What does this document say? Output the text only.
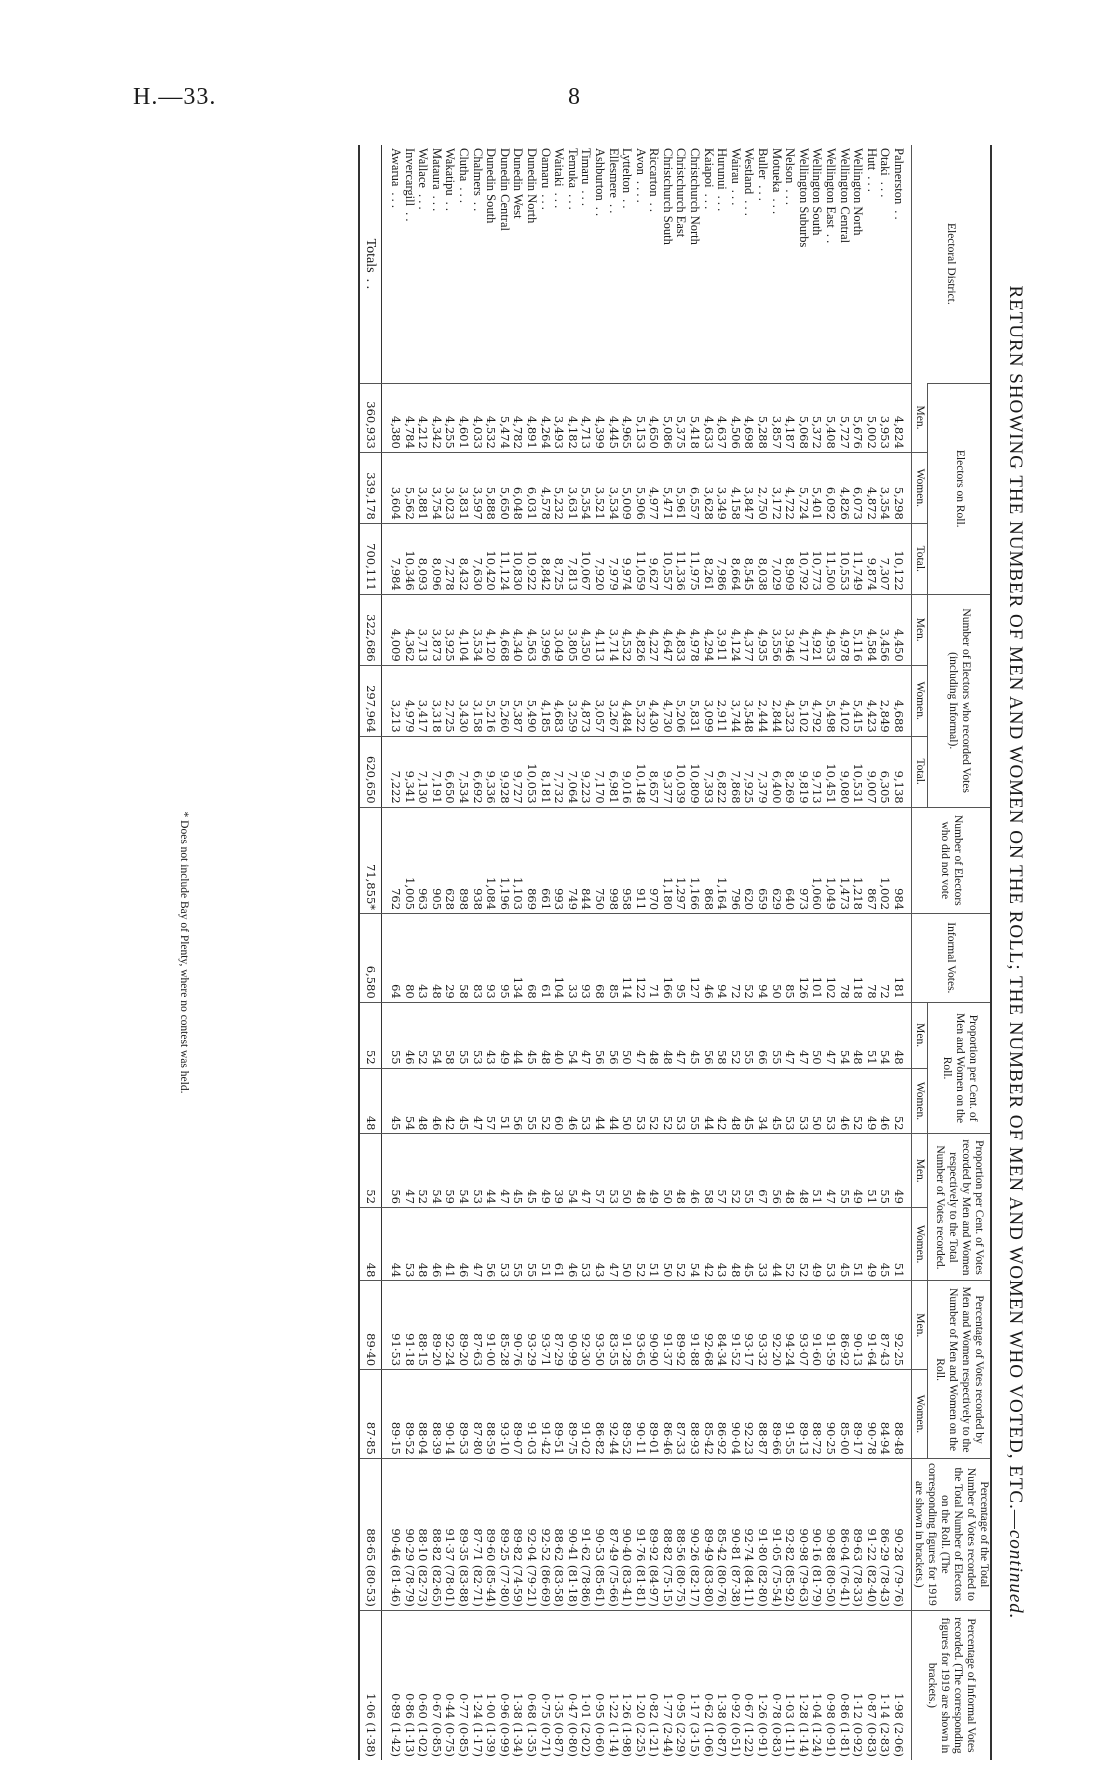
H.—33.	8
RETURN SHOWING THE NUMBER OF MEN AND WOMEN ON THE ROLL; THE NUMBER OF MEN AND WOMEN WHO VOTED, ETC.—continued.
Electoral District.	Electors on Roll.			Number of Electors who recorded Votes (including Informal).			Number of Electors who did not vote	Informal Votes.	Proportion per Cent. of Men and Women on the Roll.		Proportion per Cent. of Votes recorded by Men and Women respectively to the Total Number of Votes recorded.		Percentage of Votes recorded by Men and Women respectively to the Number of Men and Women on the Roll.		Percentage of the Total Number of Votes recorded to the Total Number of Electors on the Roll. (The corresponding figures for 1919 are shown in brackets.)	Percentage of Informal Votes recorded. (The corresponding figures for 1919 are shown in brackets.)
	Men.	Women.	Total.	Men.	Women.	Total.			Men.	Women.	Men.	Women.	Men.	Women.		
Palmerston. .	4,824	5,298	10,122	4,450	4,688	9,138	984	181	48	52	49	51	92·25	88·48	90·28 (79·76)	1·98 (2·06)
Otaki. . .	3,953	3,354	7,307	3,456	2,849	6,305	1,002	72	54	46	55	45	87·43	84·94	86·29 (78·43)	1·14 (2·83)
Hutt. . .	5,002	4,872	9,874	4,584	4,423	9,007	867	78	51	49	51	49	91·64	90·78	91·22 (82·40)	0·87 (0·83)
Wellington North	5,676	6,073	11,749	5,116	5,415	10,531	1,218	118	48	52	49	51	90·13	89·17	89·63 (78·33)	1·12 (0·92)
Wellington Central	5,727	4,826	10,553	4,978	4,102	9,080	1,473	78	54	46	55	45	86·92	85·00	86·04 (76·41)	0·86 (1·81)
Wellington East. .	5,408	6,092	11,500	4,953	5,498	10,451	1,049	102	47	53	47	53	91·59	90·25	90·88 (80·50)	0·98 (0·91)
Wellington South	5,372	5,401	10,773	4,921	4,792	9,713	1,060	101	50	50	51	49	91·60	88·72	90·16 (81·79)	1·04 (1·24)
Wellington Suburbs	5,068	5,724	10,792	4,717	5,102	9,819	973	126	47	53	48	52	93·07	89·13	90·98 (79·63)	1·28 (1·14)
Nelson. . .	4,187	4,722	8,909	3,946	4,323	8,269	640	85	47	53	48	52	94·24	91·55	92·82 (85·92)	1·03 (1·11)
Motueka. . .	3,857	3,172	7,029	3,556	2,844	6,400	629	50	55	45	56	44	92·20	89·66	91·05 (75·54)	0·78 (0·83)
Buller. . .	5,288	2,750	8,038	4,935	2,444	7,379	659	94	66	34	67	33	93·32	88·87	91·80 (82·80)	1·26 (0·91)
Westland. . .	4,698	3,847	8,545	4,377	3,548	7,925	620	52	55	45	55	45	93·17	92·23	92·74 (84·11)	0·67 (1·22)
Wairau. . .	4,506	4,158	8,664	4,124	3,744	7,868	796	72	52	48	52	48	91·52	90·04	90·81 (87·38)	0·92 (0·51)
Hurunui. . .	4,637	3,349	7,986	3,911	2,911	6,822	1,164	94	58	42	57	43	84·34	86·92	85·42 (80·76)	1·38 (0·87)
Kaiapoi. . .	4,633	3,628	8,261	4,294	3,099	7,393	868	46	56	44	58	42	92·68	85·42	89·49 (83·80)	0·62 (1·06)
Christchurch North	5,418	6,557	11,975	4,978	5,831	10,809	1,166	127	45	55	46	54	91·88	88·93	90·26 (82·17)	1·17 (3·15)
Christchurch East	5,375	5,961	11,336	4,833	5,206	10,039	1,297	95	47	53	48	52	89·92	87·33	88·56 (80·75)	0·95 (2·29)
Christchurch South	5,086	5,471	10,557	4,647	4,730	9,377	1,180	166	48	52	50	50	91·37	86·46	88·82 (75·15)	1·77 (2·44)
Riccarton. .	4,650	4,977	9,627	4,227	4,430	8,657	970	71	48	52	49	51	90·90	89·01	89·92 (84·97)	0·82 (1·21)
Avon. . . .	5,153	5,906	11,059	4,826	5,322	10,148	911	122	47	53	48	52	93·65	90·11	91·76 (81·81)	1·20 (2·25)
Lyttelton. .	4,965	5,009	9,974	4,532	4,484	9,016	958	114	50	50	50	50	91·28	89·52	90·40 (83·41)	1·26 (1·98)
Ellesmere. .	4,445	3,534	7,979	3,714	3,267	6,981	998	85	56	44	53	47	83·55	92·44	87·49 (75·66)	1·22 (1·14)
Ashburton. .	4,399	3,521	7,920	4,113	3,057	7,170	750	68	56	44	57	43	93·50	86·82	90·53 (85·61)	0·95 (0·60)
Timaru. . .	4,713	5,354	10,067	4,350	4,873	9,223	844	93	47	53	47	53	92·30	91·02	91·62 (78·86)	1·01 (2·02)
Temuka. . .	4,182	3,631	7,813	3,805	3,259	7,064	749	33	54	46	54	46	90·99	89·75	90·41 (81·18)	0·47 (0·80)
Waitaki. . .	3,493	5,232	8,725	3,049	4,683	7,732	993	104	40	60	39	61	87·29	89·51	88·62 (83·58)	1·35 (0·87)
Oamaru. . .	4,264	4,578	8,842	3,996	4,185	8,181	661	61	48	52	49	51	93·71	91·42	92·52 (86·69)	0·75 (0·71)
Dunedin North	4,891	6,031	10,922	4,563	5,490	10,053	869	68	45	55	45	55	93·29	91·03	92·04 (79·21)	0·68 (1·35)
Dunedin West	4,782	6,048	10,830	4,340	5,387	9,727	1,103	134	44	56	45	55	90·76	89·07	89·82 (74·59)	1·38 (1·34)
Dunedin Central	5,474	5,650	11,124	4,668	5,260	9,928	1,196	95	49	51	47	53	85·28	93·10	89·25 (77·80)	0·96 (0·99)
Dunedin South	4,532	5,888	10,420	4,120	5,216	9,336	1,084	93	43	57	44	56	91·00	88·59	89·60 (85·44)	1·00 (1·39)
Chalmers. .	4,033	3,597	7,630	3,534	3,158	6,692	938	83	53	47	53	47	87·63	87·80	87·71 (82·71)	1·24 (1·17)
Clutha. . .	4,601	3,831	8,432	4,104	3,430	7,534	898	58	55	45	54	46	89·20	89·53	89·35 (83·88)	0·77 (0·85)
Wakatipu. .	4,255	3,023	7,278	3,925	2,725	6,650	628	29	58	42	59	41	92·24	90·14	91·37 (78·01)	0·44 (0·75)
Mataura. . .	4,342	3,754	8,096	3,873	3,318	7,191	905	48	54	46	54	46	89·20	88·39	88·82 (82·65)	0·67 (0·85)
Wallace. . .	4,212	3,881	8,093	3,713	3,417	7,130	963	43	52	48	52	48	88·15	88·04	88·10 (82·73)	0·60 (1·02)
Invercargill. .	4,784	5,562	10,346	4,362	4,979	9,341	1,005	80	46	54	47	53	91·18	89·52	90·29 (78·79)	0·86 (1·13)
Awarua. . .	4,380	3,604	7,984	4,009	3,213	7,222	762	64	55	45	56	44	91·53	89·15	90·46 (81·46)	0·89 (1·42)
Totals. .	360,933	339,178	700,111	322,686	297,964	620,650	71,855*	6,580	52	48	52	48	89·40	87·85	88·65 (80·53)	1·06 (1·38)
* Does not include Bay of Plenty, where no contest was held.
